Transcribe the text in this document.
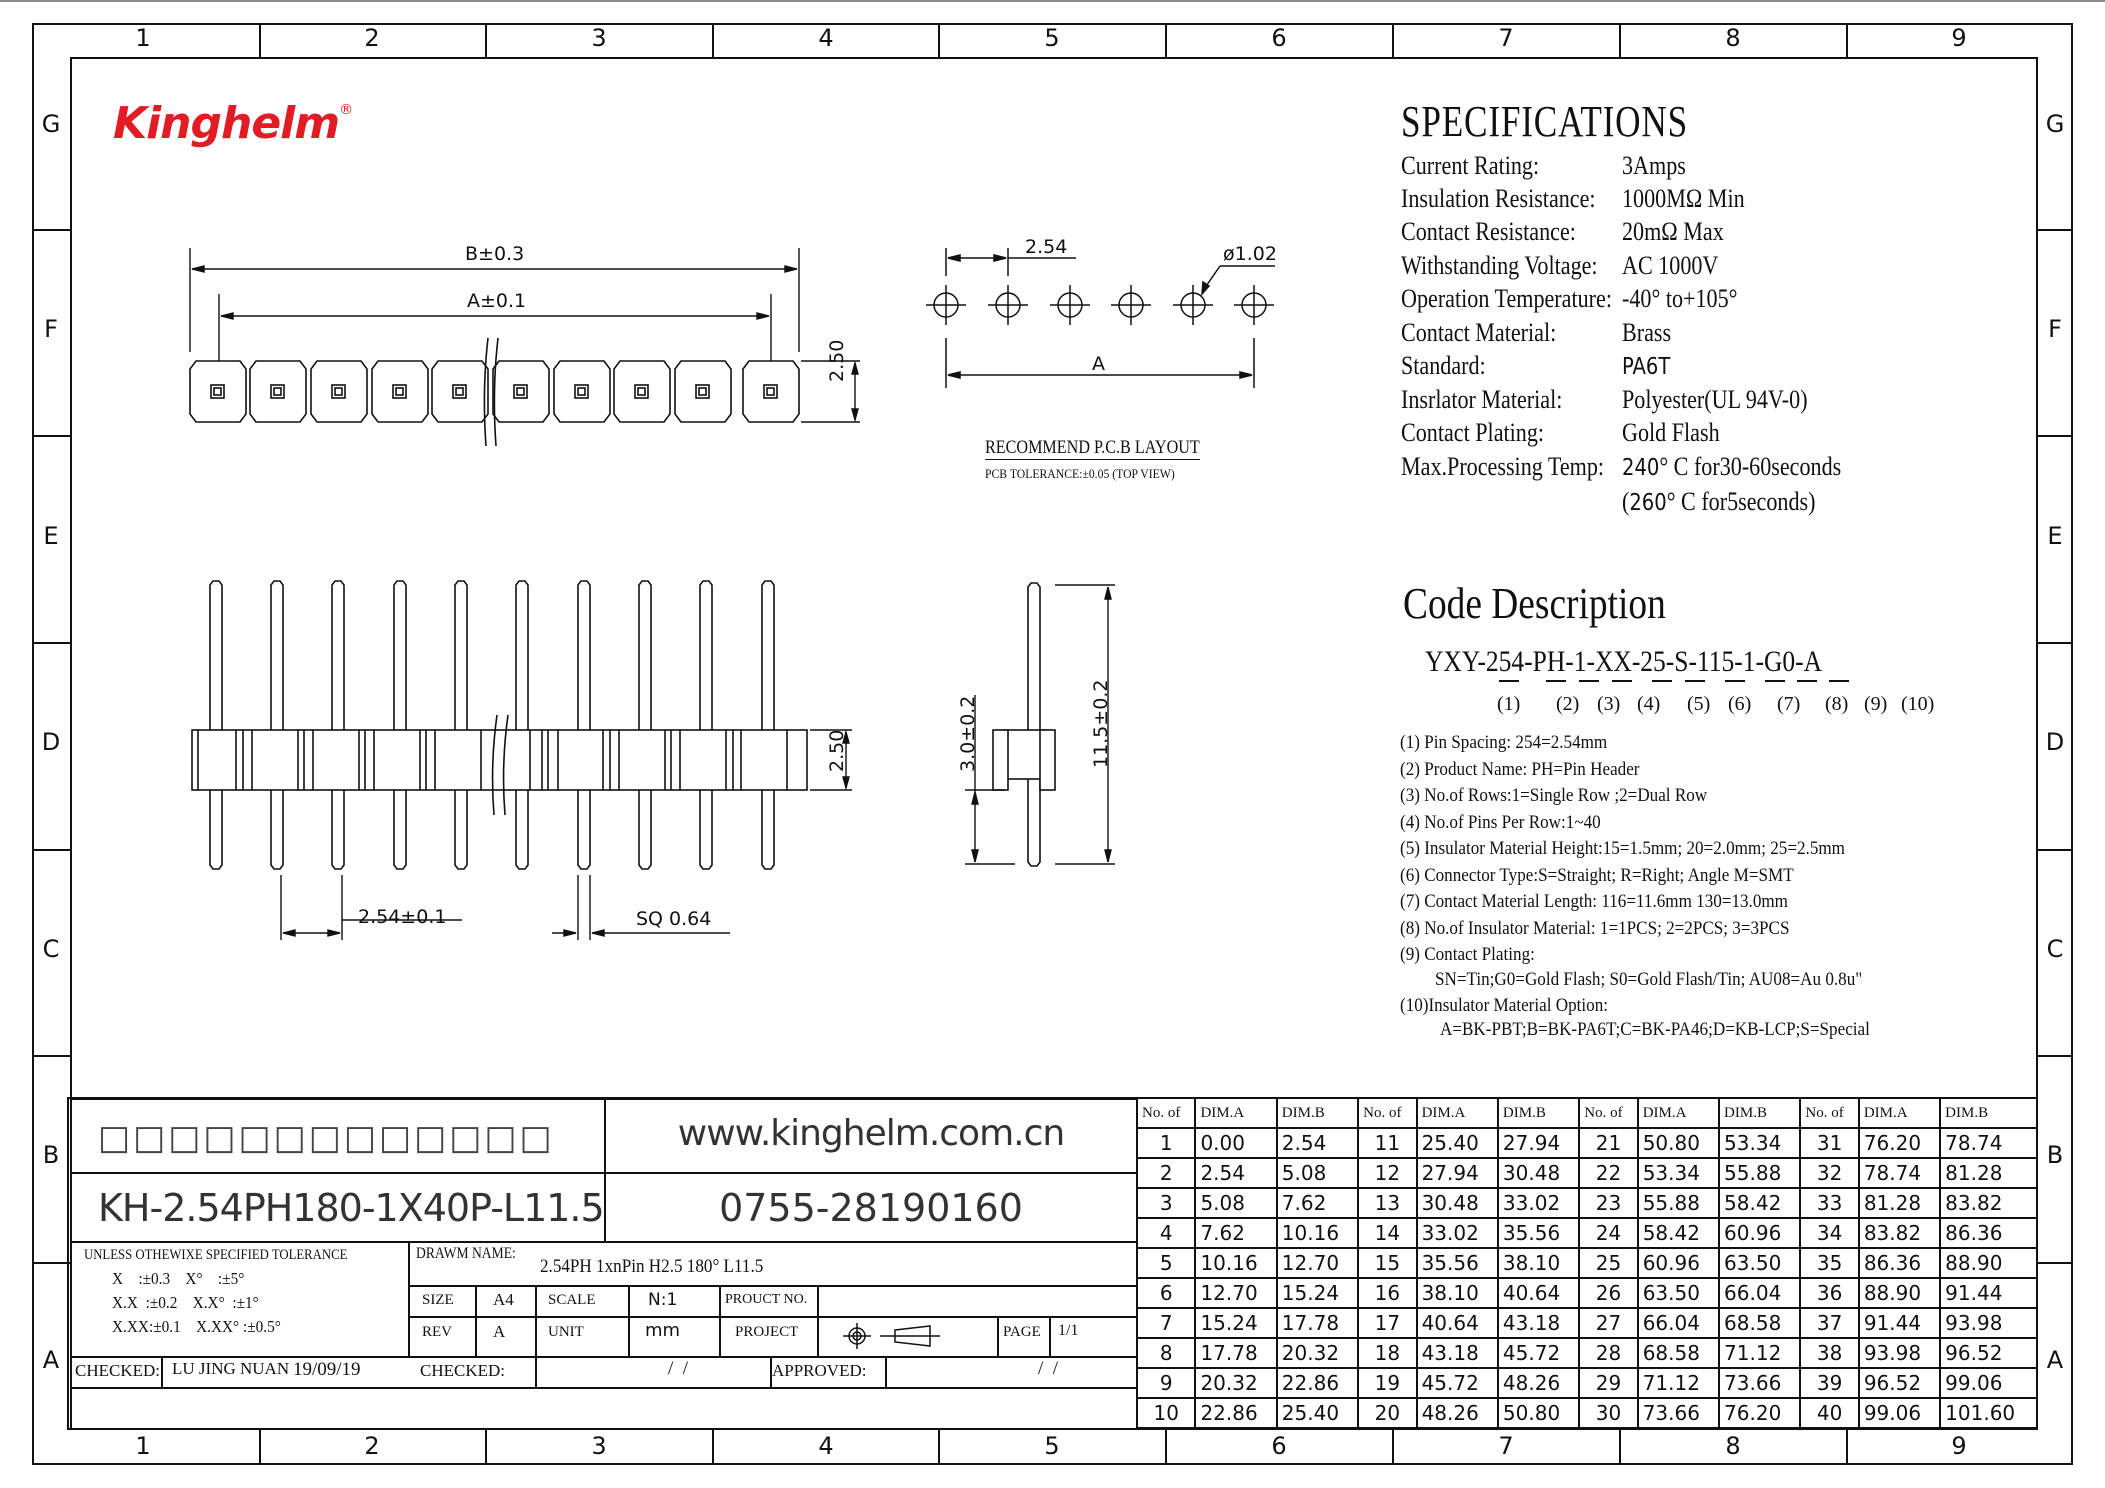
1	2	3	4	5	6	7	8	9
1	2	3	4	5	6	7	8	9
G
F
E
D
C
B
A
G
F
E
D
C
B
A
Kinghelm®
B±0.3
A±0.1
2.50
2.54	ø1.02
A
RECOMMEND P.C.B LAYOUT
PCB TOLERANCE:±0.05 (TOP VIEW)
2.50
2.54±0.1	SQ 0.64
3.0±0.2	11.5±0.2
SPECIFICATIONS
Current Rating:	3Amps
Insulation Resistance: 1000MΩ Min
Contact Resistance: 20mΩ Max
Withstanding Voltage: AC 1000V
Operation Temperature: -40° to+105°
Contact Material:	Brass
Standard:	PA6T
Insrlator Material: Polyester(UL 94V-0)
Contact Plating:	Gold Flash
Max.Processing Temp: 240° C for30-60seconds
(260° C for5seconds)
Code Description
YXY-254-PH-1-XX-25-S-115-1-G0-A
(1) (2) (3) (4) (5) (6) (7) (8) (9) (10)
(1) Pin Spacing: 254=2.54mm
(2) Product Name: PH=Pin Header
(3) No.of Rows:1=Single Row ;2=Dual Row
(4) No.of Pins Per Row:1~40
(5) Insulator Material Height:15=1.5mm; 20=2.0mm; 25=2.5mm
(6) Connector Type:S=Straight; R=Right; Angle M=SMT
(7) Contact Material Length: 116=11.6mm 130=13.0mm
(8) No.of Insulator Material: 1=1PCS; 2=2PCS; 3=3PCS
(9) Contact Plating:
SN=Tin;G0=Gold Flash; S0=Gold Flash/Tin; AU08=Au 0.8u"
(10)Insulator Material Option:
A=BK-PBT;B=BK-PA6T;C=BK-PA46;D=KB-LCP;S=Special
□□□□□□□□□□□□□	www.kinghelm.com.cn
KH-2.54PH180-1X40P-L11.5	0755-28190160
UNLESS OTHEWIXE SPECIFIED TOLERANCE
X    :±0.3 X°    :±5°
X.X  :±0.2 X.X°  :±1°
X.XX:±0.1 X.XX° :±0.5°
DRAWM NAME:
2.54PH 1xnPin H2.5 180° L11.5
SIZE A4 SCALE	N:1	PROUCT NO.
REV A	UNIT	mm	PROJECT	PAGE 1/1
CHECKED: LU JING NUAN 19/09/19	CHECKED:	/  /	APPROVED:	/  /
No. of	DIM.A	DIM.B	No. of	DIM.A	DIM.B	No. of	DIM.A	DIM.B	No. of	DIM.A	DIM.B
1	0.00	2.54	11	25.40	27.94	21	50.80	53.34	31	76.20	78.74
2	2.54	5.08	12	27.94	30.48	22	53.34	55.88	32	78.74	81.28
3	5.08	7.62	13	30.48	33.02	23	55.88	58.42	33	81.28	83.82
4	7.62	10.16	14	33.02	35.56	24	58.42	60.96	34	83.82	86.36
5	10.16	12.70	15	35.56	38.10	25	60.96	63.50	35	86.36	88.90
6	12.70	15.24	16	38.10	40.64	26	63.50	66.04	36	88.90	91.44
7	15.24	17.78	17	40.64	43.18	27	66.04	68.58	37	91.44	93.98
8	17.78	20.32	18	43.18	45.72	28	68.58	71.12	38	93.98	96.52
9	20.32	22.86	19	45.72	48.26	29	71.12	73.66	39	96.52	99.06
10	22.86	25.40	20	48.26	50.80	30	73.66	76.20	40	99.06	101.60
